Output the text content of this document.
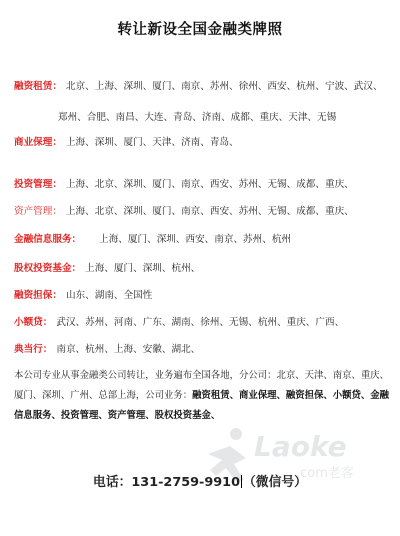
转让新设全国金融类牌照
融资租赁： 北京、上海、深圳、厦门、南京、苏州、徐州、西安、杭州、宁波、武汉、
郑州、合肥、南昌、大连、青岛、济南、成都、重庆、天津、无锡
商业保理： 上海、深圳、厦门、天津、济南、青岛、
投资管理： 上海、北京、深圳、厦门、南京、西安、苏州、无锡、成都、重庆、
资产管理： 上海、北京、深圳、厦门、南京、西安、苏州、无锡、成都、重庆、
金融信息服务： 上海、厦门、深圳、西安、南京、苏州、杭州
股权投资基金： 上海、厦门、深圳、杭州、
融资担保： 山东、湖南、全国性
小额贷： 武汉、苏州、河南、广东、湖南、徐州、无锡、杭州、重庆、广西、
典当行： 南京、杭州、上海、安徽、湖北、
本公司专业从事金融类公司转让，业务遍布全国各地，分公司：北京、天津、南京、重庆、厦门、深圳、广州、总部上海，公司业务：融资租赁、商业保理、融资担保、小额贷、金融信息服务、投资管理、资产管理、股权投资基金、
Laoke
.com老客
电话：131-2759-9910 （微信号）
